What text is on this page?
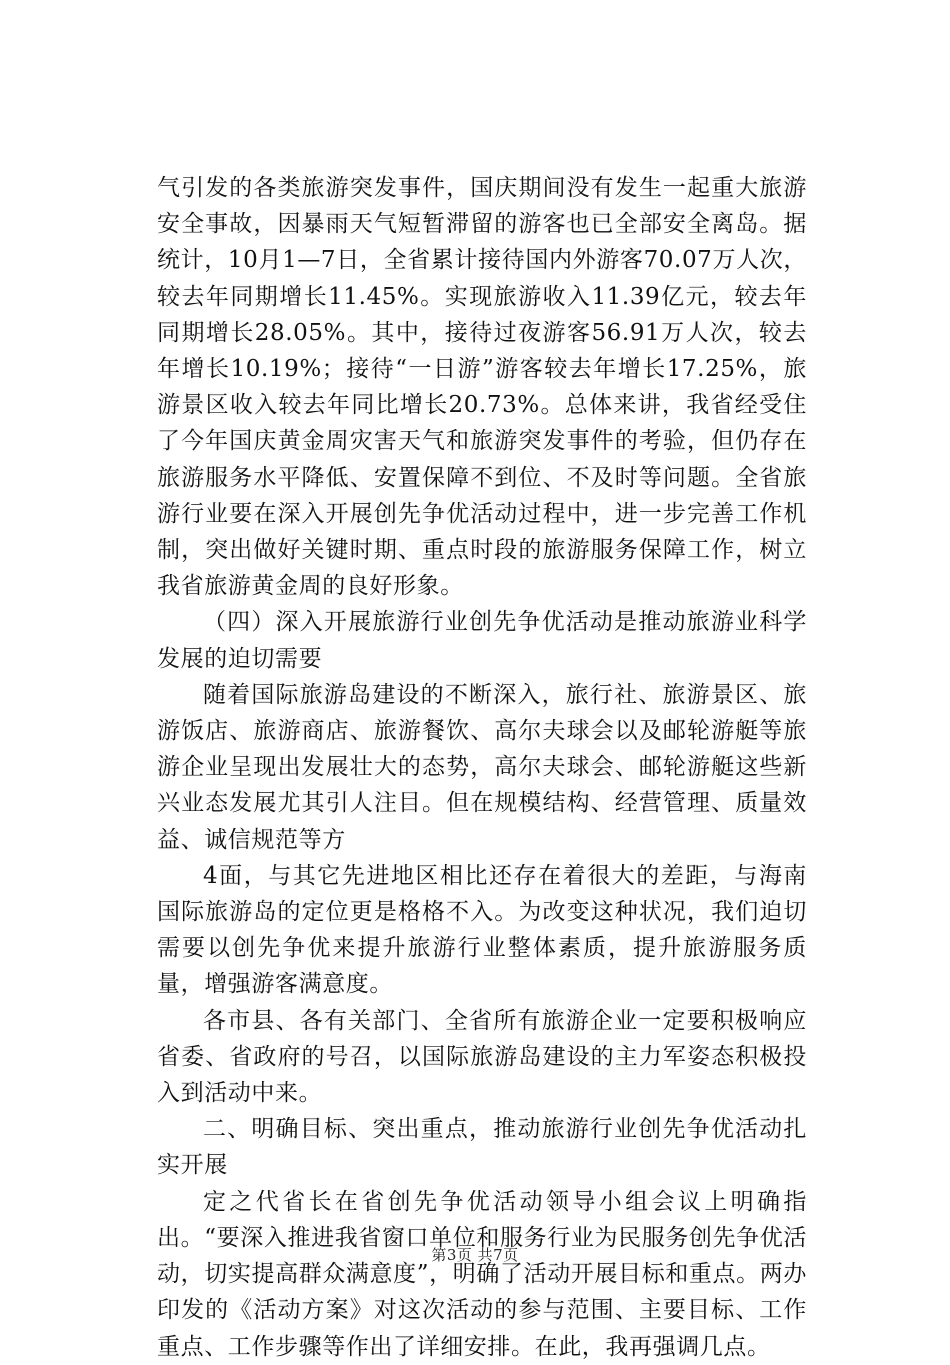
气引发的各类旅游突发事件，国庆期间没有发生一起重大旅游安全事故，因暴雨天气短暂滞留的游客也已全部安全离岛。据统计，10月1—7日，全省累计接待国内外游客70.07万人次，较去年同期增长11.45%。实现旅游收入11.39亿元，较去年同期增长28.05%。其中，接待过夜游客56.91万人次，较去年增长10.19%；接待“一日游”游客较去年增长17.25%，旅游景区收入较去年同比增长20.73%。总体来讲，我省经受住了今年国庆黄金周灾害天气和旅游突发事件的考验，但仍存在旅游服务水平降低、安置保障不到位、不及时等问题。全省旅游行业要在深入开展创先争优活动过程中，进一步完善工作机制，突出做好关键时期、重点时段的旅游服务保障工作，树立我省旅游黄金周的良好形象。

（四）深入开展旅游行业创先争优活动是推动旅游业科学发展的迫切需要

随着国际旅游岛建设的不断深入，旅行社、旅游景区、旅游饭店、旅游商店、旅游餐饮、高尔夫球会以及邮轮游艇等旅游企业呈现出发展壮大的态势，高尔夫球会、邮轮游艇这些新兴业态发展尤其引人注目。但在规模结构、经营管理、质量效益、诚信规范等方

4面，与其它先进地区相比还存在着很大的差距，与海南国际旅游岛的定位更是格格不入。为改变这种状况，我们迫切需要以创先争优来提升旅游行业整体素质，提升旅游服务质量，增强游客满意度。

各市县、各有关部门、全省所有旅游企业一定要积极响应省委、省政府的号召，以国际旅游岛建设的主力军姿态积极投入到活动中来。

二、明确目标、突出重点，推动旅游行业创先争优活动扎实开展

定之代省长在省创先争优活动领导小组会议上明确指出。“要深入推进我省窗口单位和服务行业为民服务创先争优活动，切实提高群众满意度”，明确了活动开展目标和重点。两办印发的《活动方案》对这次活动的参与范围、主要目标、工作重点、工作步骤等作出了详细安排。在此，我再强调几点。

第3页 共7页
